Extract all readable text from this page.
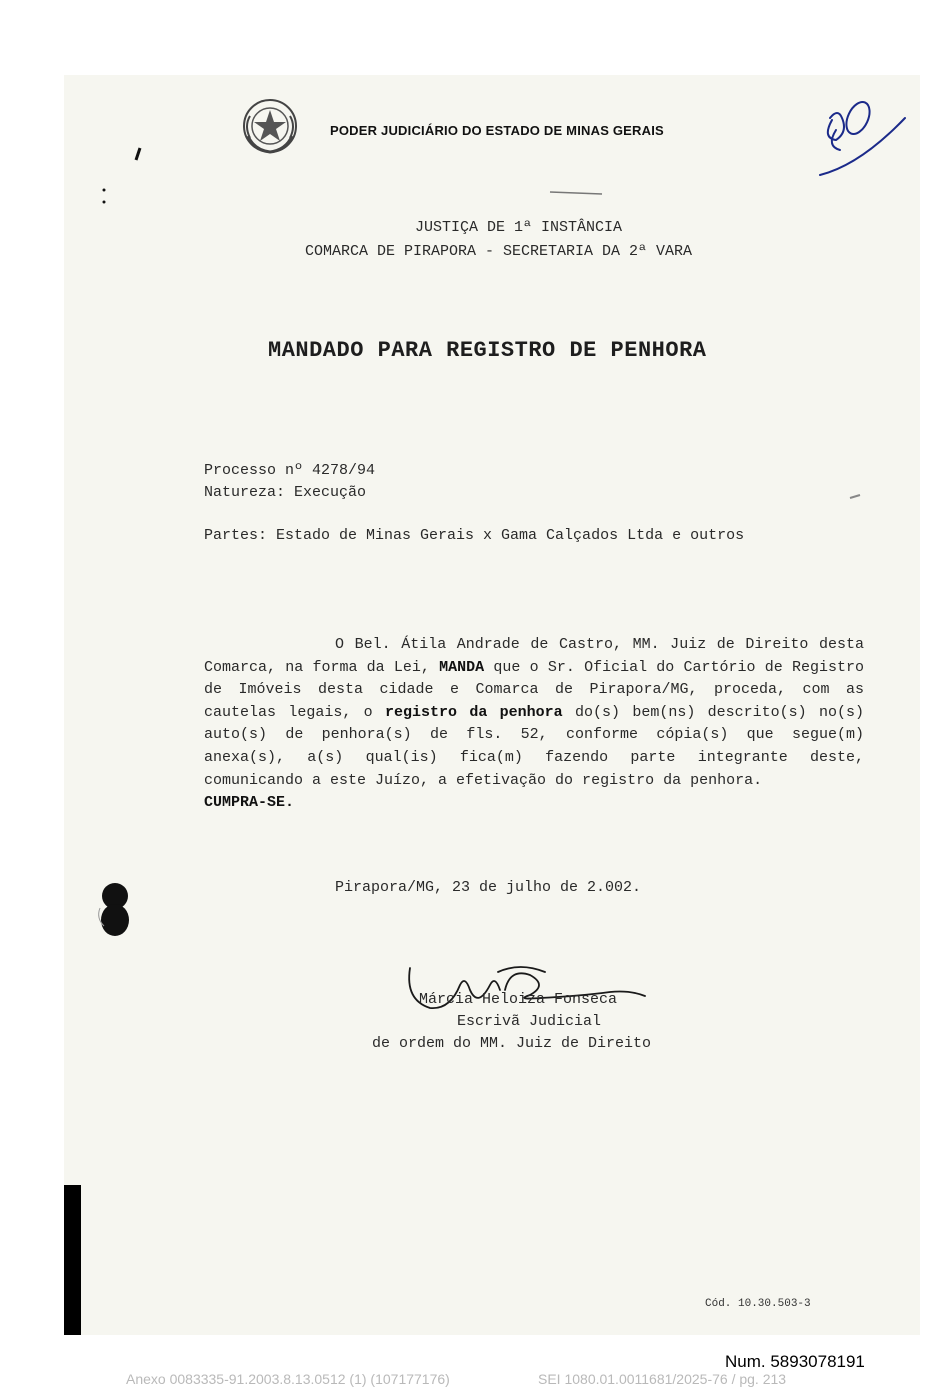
PODER JUDICIÁRIO DO ESTADO DE MINAS GERAIS
JUSTIÇA DE 1ª INSTÂNCIA
COMARCA DE PIRAPORA - SECRETARIA DA 2ª VARA
MANDADO PARA REGISTRO DE PENHORA
Processo nº 4278/94
Natureza: Execução
Partes: Estado de Minas Gerais x Gama Calçados Ltda e outros
O Bel. Átila Andrade de Castro, MM. Juiz de Direito desta Comarca, na forma da Lei, MANDA que o Sr. Oficial do Cartório de Registro de Imóveis desta cidade e Comarca de Pirapora/MG, proceda, com as cautelas legais, o registro da penhora do(s) bem(ns) descrito(s) no(s) auto(s) de penhora(s) de fls. 52, conforme cópia(s) que segue(m) anexa(s), a(s) qual(is) fica(m) fazendo parte integrante deste, comunicando a este Juízo, a efetivação do registro da penhora.
CUMPRA-SE.
Pirapora/MG, 23 de julho de 2.002.
Márcia Heloiza Fonseca
Escrivã Judicial
de ordem do MM. Juiz de Direito
Cód. 10.30.503-3
Num. 5893078191
Anexo 0083335-91.2003.8.13.0512 (1) (107177176)	SEI 1080.01.0011681/2025-76 / pg. 213
